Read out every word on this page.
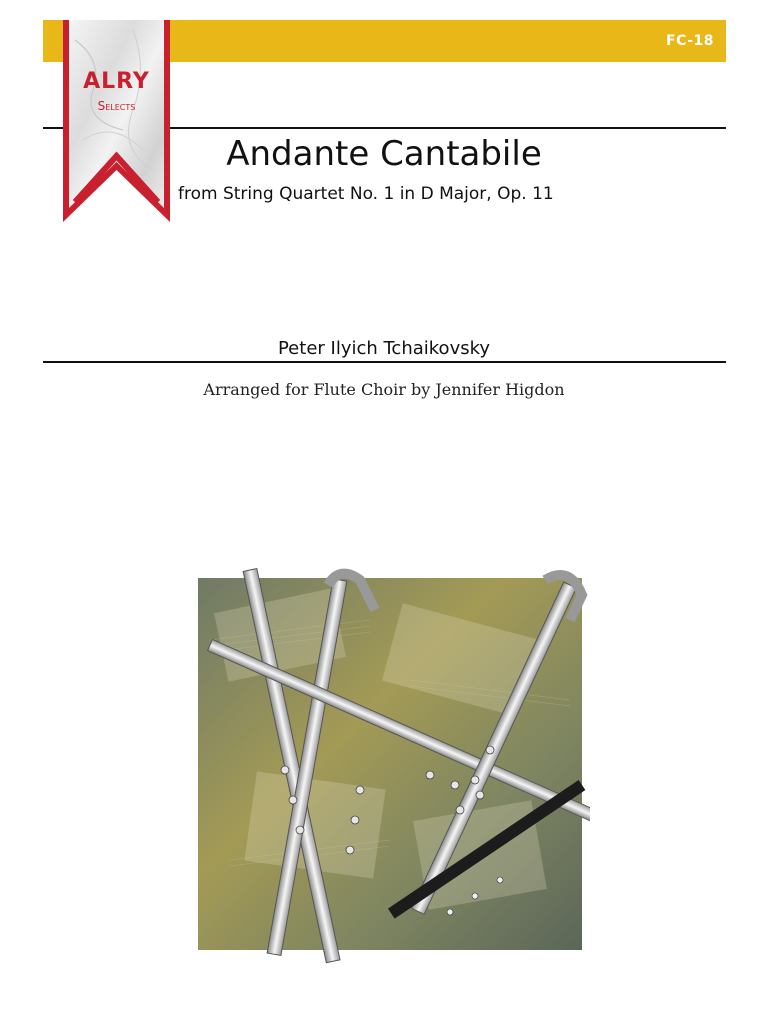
FC-18
ALRY
Selects
Andante Cantabile
from String Quartet No. 1 in D Major, Op. 11
Peter Ilyich Tchaikovsky
Arranged for Flute Choir by Jennifer Higdon
